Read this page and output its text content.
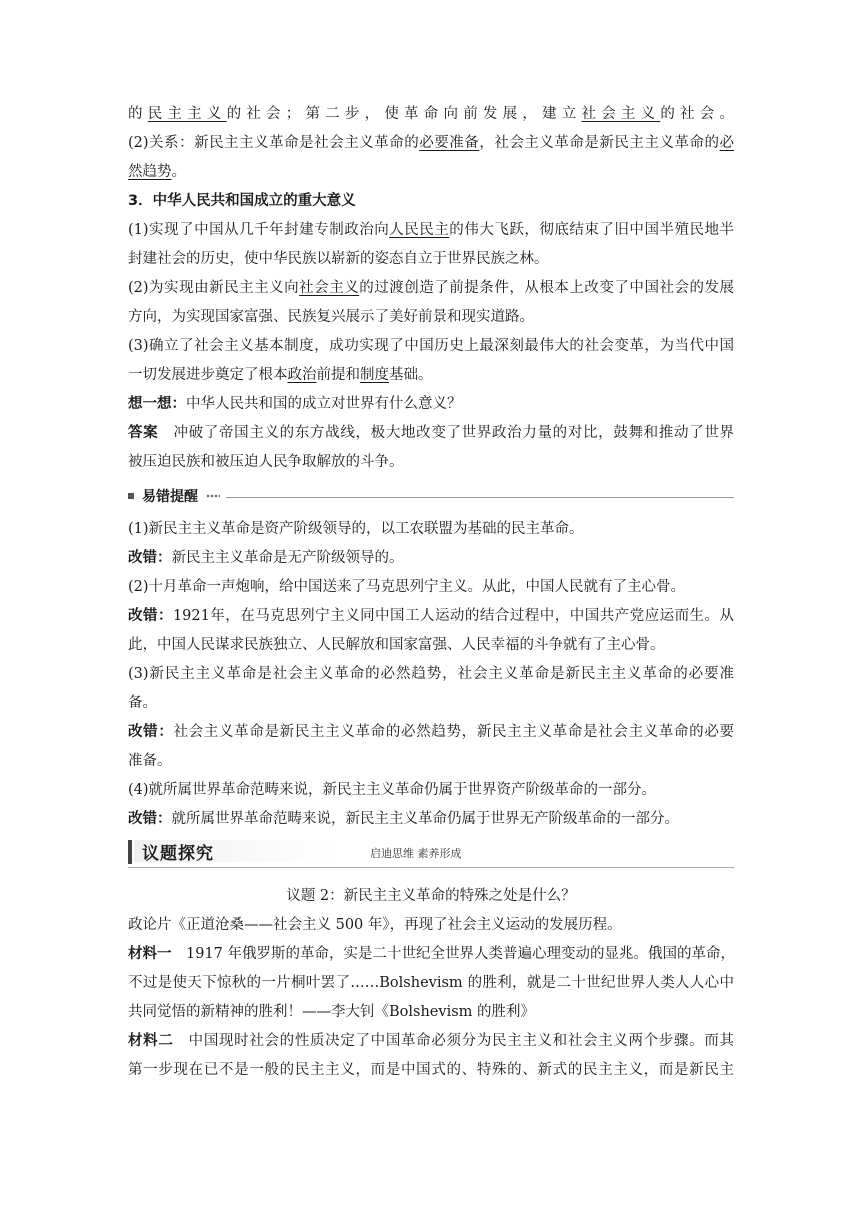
的民主主义的社会；第二步，使革命向前发展，建立社会主义的社会。
(2)关系：新民主主义革命是社会主义革命的必要准备，社会主义革命是新民主主义革命的必
然趋势。
3．中华人民共和国成立的重大意义
(1)实现了中国从几千年封建专制政治向人民民主的伟大飞跃，彻底结束了旧中国半殖民地半
封建社会的历史，使中华民族以崭新的姿态自立于世界民族之林。
(2)为实现由新民主主义向社会主义的过渡创造了前提条件，从根本上改变了中国社会的发展
方向，为实现国家富强、民族复兴展示了美好前景和现实道路。
(3)确立了社会主义基本制度，成功实现了中国历史上最深刻最伟大的社会变革，为当代中国
一切发展进步奠定了根本政治前提和制度基础。
想一想：中华人民共和国的成立对世界有什么意义？
答案　 冲破了帝国主义的东方战线，极大地改变了世界政治力量的对比，鼓舞和推动了世界
被压迫民族和被压迫人民争取解放的斗争。
易错提醒
(1)新民主主义革命是资产阶级领导的，以工农联盟为基础的民主革命。
改错：新民主主义革命是无产阶级领导的。
(2)十月革命一声炮响，给中国送来了马克思列宁主义。从此，中国人民就有了主心骨。
改错：1921年，在马克思列宁主义同中国工人运动的结合过程中，中国共产党应运而生。从
此，中国人民谋求民族独立、人民解放和国家富强、人民幸福的斗争就有了主心骨。
(3)新民主主义革命是社会主义革命的必然趋势，社会主义革命是新民主主义革命的必要准
备。
改错：社会主义革命是新民主主义革命的必然趋势，新民主主义革命是社会主义革命的必要
准备。
(4)就所属世界革命范畴来说，新民主主义革命仍属于世界资产阶级革命的一部分。
改错：就所属世界革命范畴来说，新民主主义革命仍属于世界无产阶级革命的一部分。
议题探究	启迪思维 素养形成
议题 2：新民主主义革命的特殊之处是什么？
政论片《正道沧桑——社会主义 500 年》，再现了社会主义运动的发展历程。
材料一　 1917 年俄罗斯的革命，实是二十世纪全世界人类普遍心理变动的显兆。俄国的革命，
不过是使天下惊秋的一片桐叶罢了……Bolshevism 的胜利，就是二十世纪世界人类人人心中
共同觉悟的新精神的胜利！——李大钊《Bolshevism 的胜利》
材料二　 中国现时社会的性质决定了中国革命必须分为民主主义和社会主义两个步骤。而其
第一步现在已不是一般的民主主义，而是中国式的、特殊的、新式的民主主义，而是新民主
